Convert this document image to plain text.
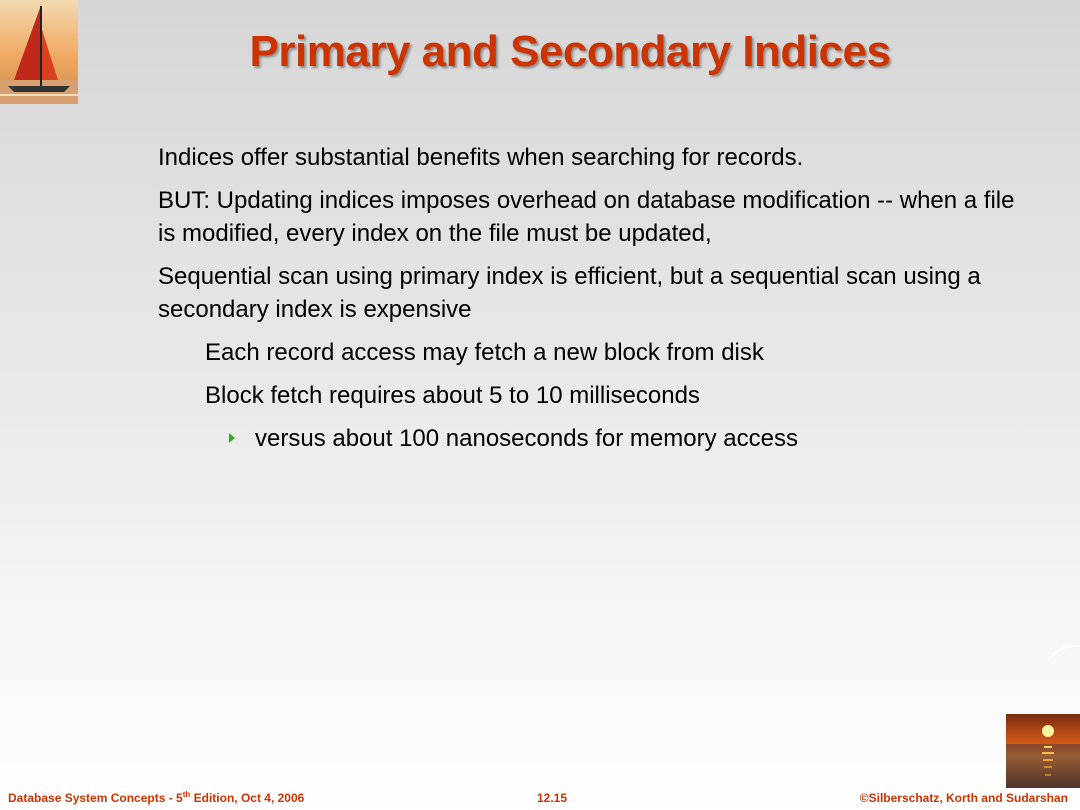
Primary and Secondary Indices
Indices offer substantial benefits when searching for records.
BUT: Updating indices imposes overhead on database modification -- when a file is modified, every index on the file must be updated,
Sequential scan using primary index is efficient, but a sequential scan using a secondary index is expensive
Each record access may fetch a new block from disk
Block fetch requires about 5 to 10 milliseconds
versus about 100 nanoseconds for memory access
Database System Concepts - 5th Edition, Oct 4, 2006	12.15	©Silberschatz, Korth and Sudarshan
